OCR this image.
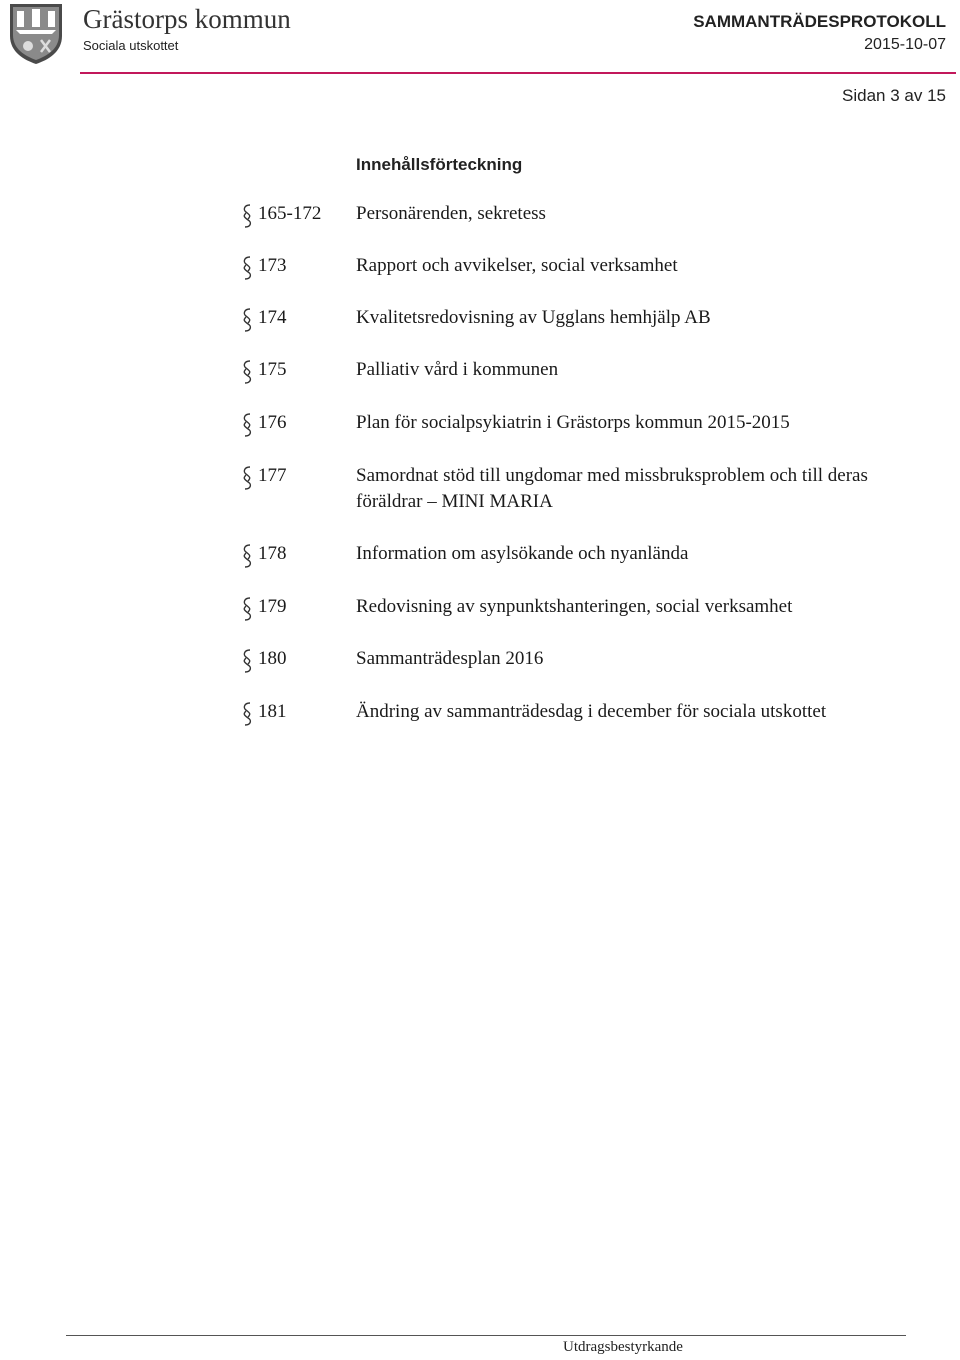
Grästorps kommun
Sociala utskottet
SAMMANTRÄDESPROTOKOLL
2015-10-07
Sidan 3 av 15
Innehållsförteckning
165-172 Personärenden, sekretess
173	Rapport och avvikelser, social verksamhet
174	Kvalitetsredovisning av Ugglans hemhjälp AB
175	Palliativ vård i kommunen
176	Plan för socialpsykiatrin i Grästorps kommun 2015-2015
177	Samordnat stöd till ungdomar med missbruksproblem och till deras föräldrar – MINI MARIA
178	Information om asylsökande och nyanlända
179	Redovisning av synpunktshanteringen, social verksamhet
180	Sammanträdesplan 2016
181	Ändring av sammanträdesdag i december för sociala utskottet
Utdragsbestyrkande
